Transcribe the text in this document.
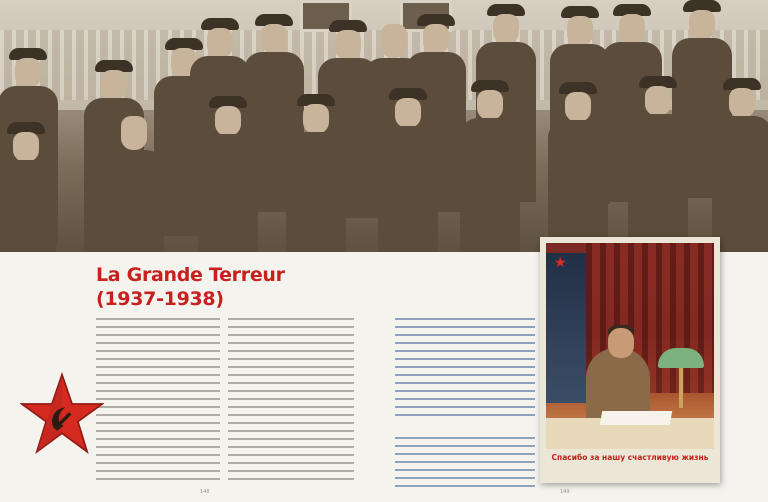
La Grande Terreur
(1937-1938)
148	149
★
Спасибо за нашу счастливую жизнь
